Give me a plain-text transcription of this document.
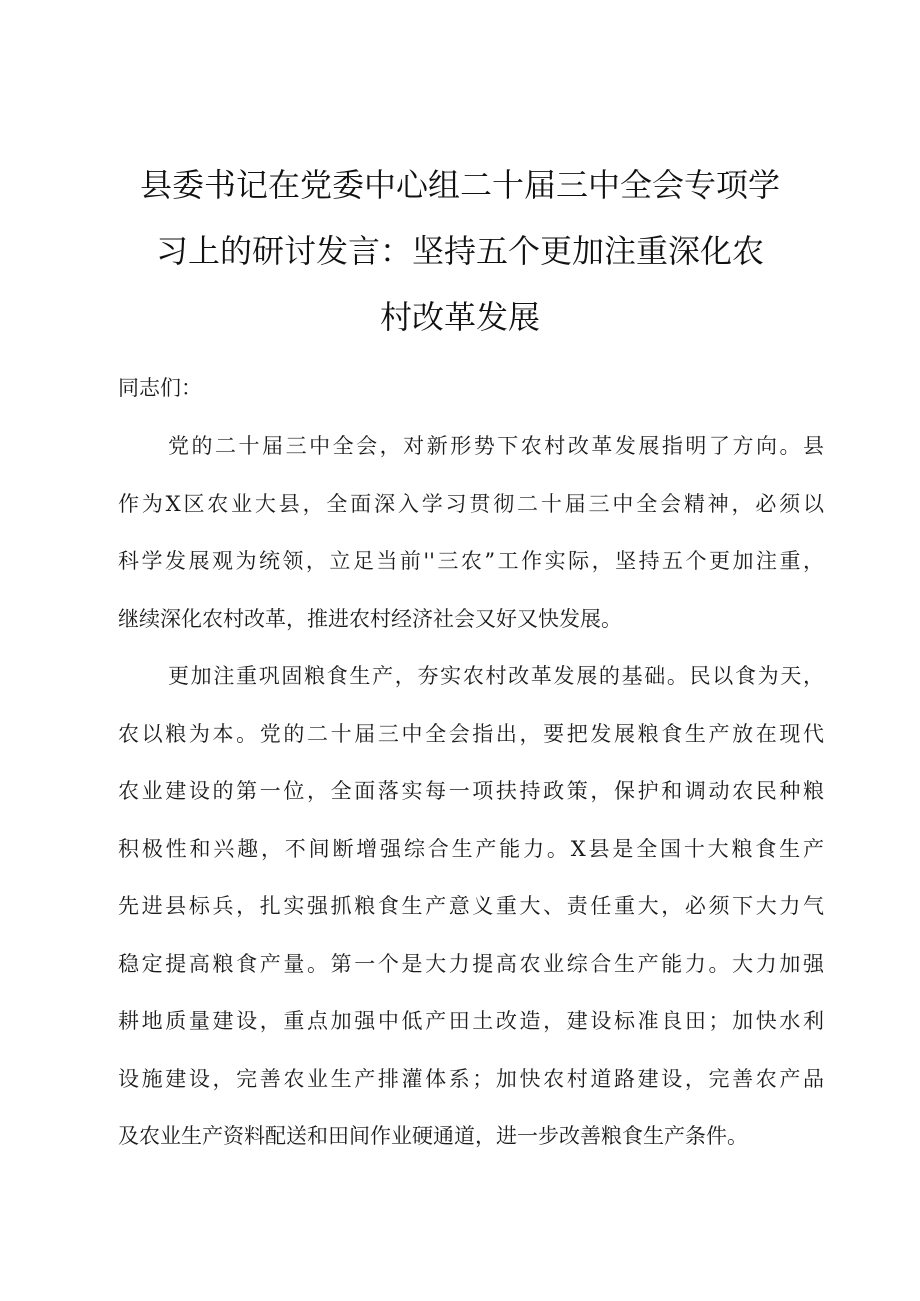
县委书记在党委中心组二十届三中全会专项学
习上的研讨发言：坚持五个更加注重深化农
村改革发展
同志们：
党的二十届三中全会，对新形势下农村改革发展指明了方向。县
作为X区农业大县，全面深入学习贯彻二十届三中全会精神，必须以
科学发展观为统领，立足当前''三农”工作实际，坚持五个更加注重，
继续深化农村改革，推进农村经济社会又好又快发展。
更加注重巩固粮食生产，夯实农村改革发展的基础。民以食为天，
农以粮为本。党的二十届三中全会指出，要把发展粮食生产放在现代
农业建设的第一位，全面落实每一项扶持政策，保护和调动农民种粮
积极性和兴趣，不间断增强综合生产能力。X县是全国十大粮食生产
先进县标兵，扎实强抓粮食生产意义重大、责任重大，必须下大力气
稳定提高粮食产量。第一个是大力提高农业综合生产能力。大力加强
耕地质量建设，重点加强中低产田土改造，建设标准良田；加快水利
设施建设，完善农业生产排灌体系；加快农村道路建设，完善农产品
及农业生产资料配送和田间作业硬通道，进一步改善粮食生产条件。
